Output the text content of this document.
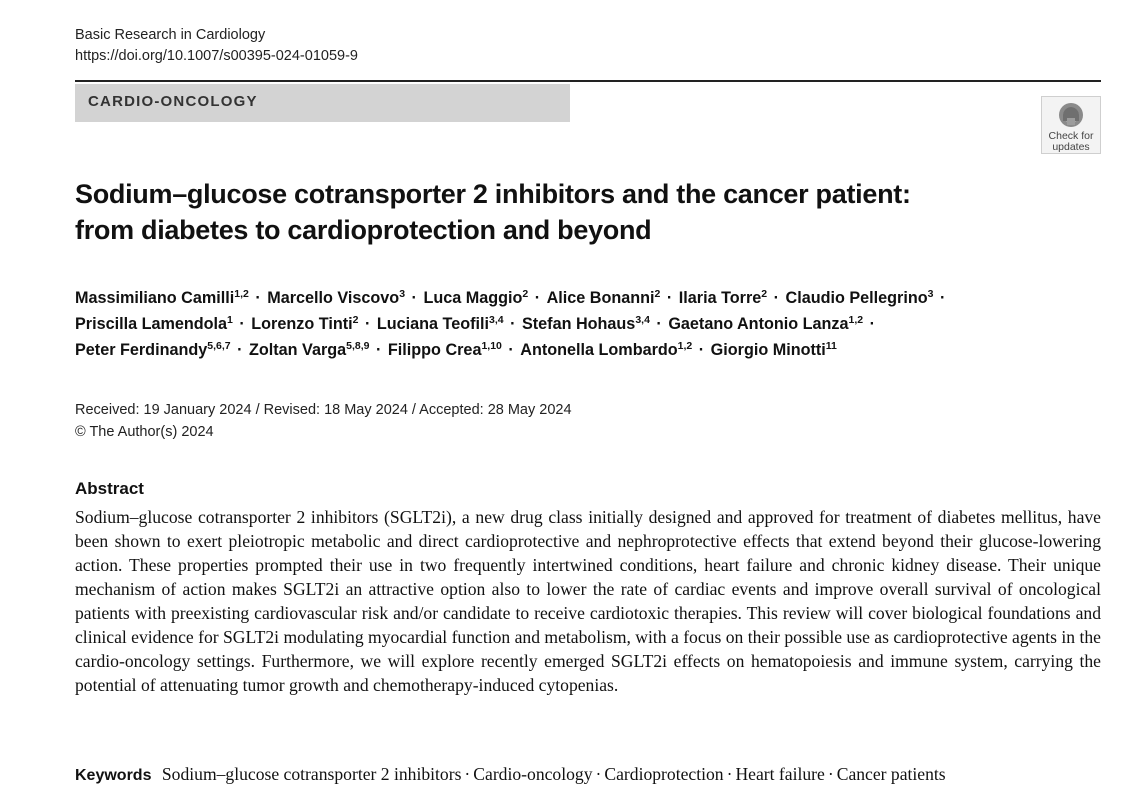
Basic Research in Cardiology
https://doi.org/10.1007/s00395-024-01059-9
CARDIO-ONCOLOGY
Check for
updates
Sodium–glucose cotransporter 2 inhibitors and the cancer patient:
from diabetes to cardioprotection and beyond
Massimiliano Camilli$^{1,2}$ · Marcello Viscovo$^3$ · Luca Maggio$^2$ · Alice Bonanni$^2$ · Ilaria Torre$^2$ · Claudio Pellegrino$^3$ ·
Priscilla Lamendola$^1$ · Lorenzo Tinti$^2$ · Luciana Teofili$^{3,4}$ · Stefan Hohaus$^{3,4}$ · Gaetano Antonio Lanza$^{1,2}$ ·
Peter Ferdinandy$^{5,6,7}$ · Zoltan Varga$^{5,8,9}$ · Filippo Crea$^{1,10}$ · Antonella Lombardo$^{1,2}$ · Giorgio Minotti$^{11}$
Received: 19 January 2024 / Revised: 18 May 2024 / Accepted: 28 May 2024
© The Author(s) 2024
Abstract
Sodium–glucose cotransporter 2 inhibitors (SGLT2i), a new drug class initially designed and approved for treatment of diabetes mellitus, have been shown to exert pleiotropic metabolic and direct cardioprotective and nephroprotective effects that extend beyond their glucose-lowering action. These properties prompted their use in two frequently intertwined conditions, heart failure and chronic kidney disease. Their unique mechanism of action makes SGLT2i an attractive option also to lower the rate of cardiac events and improve overall survival of oncological patients with preexisting cardiovascular risk and/or candidate to receive cardiotoxic therapies. This review will cover biological foundations and clinical evidence for SGLT2i modulating myocardial function and metabolism, with a focus on their possible use as cardioprotective agents in the cardio-oncology settings. Furthermore, we will explore recently emerged SGLT2i effects on hematopoiesis and immune system, carrying the potential of attenuating tumor growth and chemotherapy-induced cytopenias.
Keywords Sodium–glucose cotransporter 2 inhibitors · Cardio-oncology · Cardioprotection · Heart failure · Cancer patients
